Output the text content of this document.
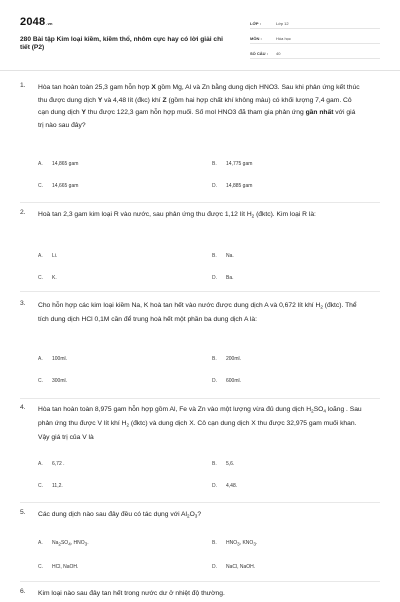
2048.vn
280 Bài tập Kim loại kiềm, kiềm thổ, nhôm cực hay có lời giải chi tiết (P2)
LỚP :	Lớp 12
MÔN :	Hóa học
SỐ CÂU :	40
1. Hòa tan hoàn toàn 25,3 gam hỗn hợp X gồm Mg, Al và Zn bằng dung dịch HNO3. Sau khi phản ứng kết thúc thu được dung dịch Y và 4,48 lít (đkc) khí Z (gồm hai hợp chất khí không màu) có khối lượng 7,4 gam. Cô cạn dung dịch Y thu được 122,3 gam hỗn hợp muối. Số mol HNO3 đã tham gia phản ứng gần nhất với giá trị nào sau đây?
A. 14,865 gam	B. 14,775 gam
C. 14,665 gam	D. 14,885 gam
2. Hoà tan 2,3 gam kim loại R vào nước, sau phản ứng thu được 1,12 lít $H_2$ (đktc). Kim loại R là:
A. Li.	B. Na.
C. K.	D. Ba.
3. Cho hỗn hợp các kim loại kiềm Na, K hoà tan hết vào nước được dung dịch A và 0,672 lít khí $H_2$ (đktc). Thể tích dung dịch HCl 0,1M cần để trung hoà hết một phần ba dung dịch A là:
A. 100ml.	B. 200ml.
C. 300ml.	D. 600ml.
4. Hòa tan hoàn toàn 8,975 gam hỗn hợp gồm Al, Fe và Zn vào một lượng vừa đủ dung dịch $H_2SO_4$ loãng . Sau phản ứng thu được V lít khí $H_2$ (đktc) và dung dịch X. Cô cạn dung dịch X thu được 32,975 gam muối khan. Vậy giá trị của V là
A. 6,72 .	B. 5,6.
C. 11,2.	D. 4,48.
5. Các dung dịch nào sau đây đều có tác dụng với $Al_2O_3$?
A. Na2SO4, HNO3.	B. HNO3, KNO3.
C. HCl, NaOH.	D. NaCl, NaOH.
6. Kim loại nào sau đây tan hết trong nước dư ở nhiệt độ thường.
